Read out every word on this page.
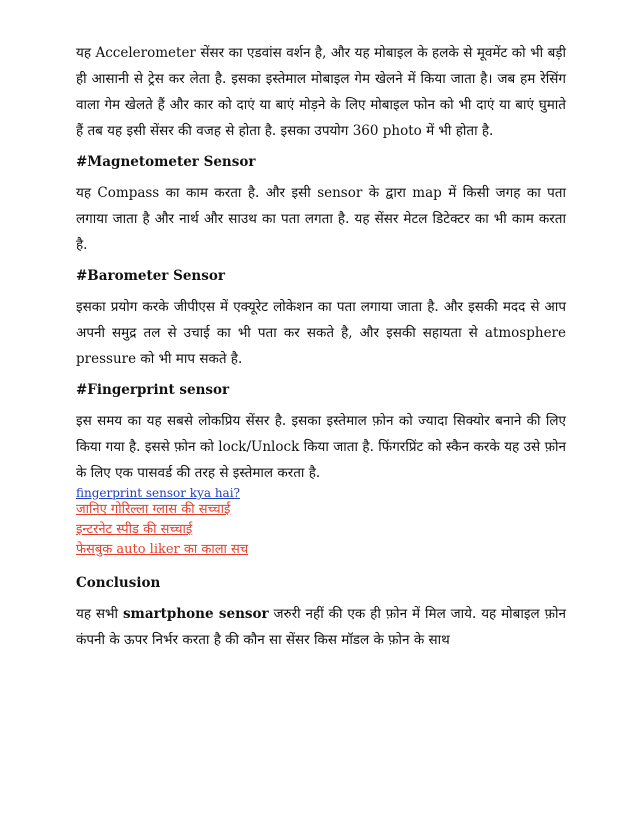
यह Accelerometer सेंसर का एडवांस वर्शन है, और यह मोबाइल के हलके से मूवमेंट को भी बड़ी ही आसानी से ट्रेस कर लेता है. इसका इस्तेमाल मोबाइल गेम खेलने में किया जाता है। जब हम रेसिंग वाला गेम खेलते हैं और कार को दाएं या बाएं मोड़ने के लिए मोबाइल फोन को भी दाएं या बाएं घुमाते हैं तब यह इसी सेंसर की वजह से होता है. इसका उपयोग 360 photo में भी होता है.

#Magnetometer Sensor

यह Compass का काम करता है. और इसी sensor के द्वारा map में किसी जगह का पता लगाया जाता है और नार्थ और साउथ का पता लगता है. यह सेंसर मेटल डिटेक्टर का भी काम करता है.

#Barometer Sensor

इसका प्रयोग करके जीपीएस में एक्यूरेट लोकेशन का पता लगाया जाता है. और इसकी मदद से आप अपनी समुद्र तल से उचाई का भी पता कर सकते है, और इसकी सहायता से atmosphere pressure को भी माप सकते है.

#Fingerprint sensor

इस समय का यह सबसे लोकप्रिय सेंसर है. इसका इस्तेमाल फ़ोन को ज्यादा सिक्योर बनाने की लिए किया गया है. इससे फ़ोन को lock/Unlock किया जाता है. फिंगरप्रिंट को स्कैन करके यह उसे फ़ोन के लिए एक पासवर्ड की तरह से इस्तेमाल करता है.

fingerprint sensor kya hai?
जानिए गोरिल्ला ग्लास की सच्चाई
इन्टरनेट स्पीड की सच्चाई
फेसबुक auto liker का काला सच

Conclusion

यह सभी smartphone sensor जरुरी नहीं की एक ही फ़ोन में मिल जाये. यह मोबाइल फ़ोन कंपनी के ऊपर निर्भर करता है की कौन सा सेंसर किस मॉडल के फ़ोन के साथ
